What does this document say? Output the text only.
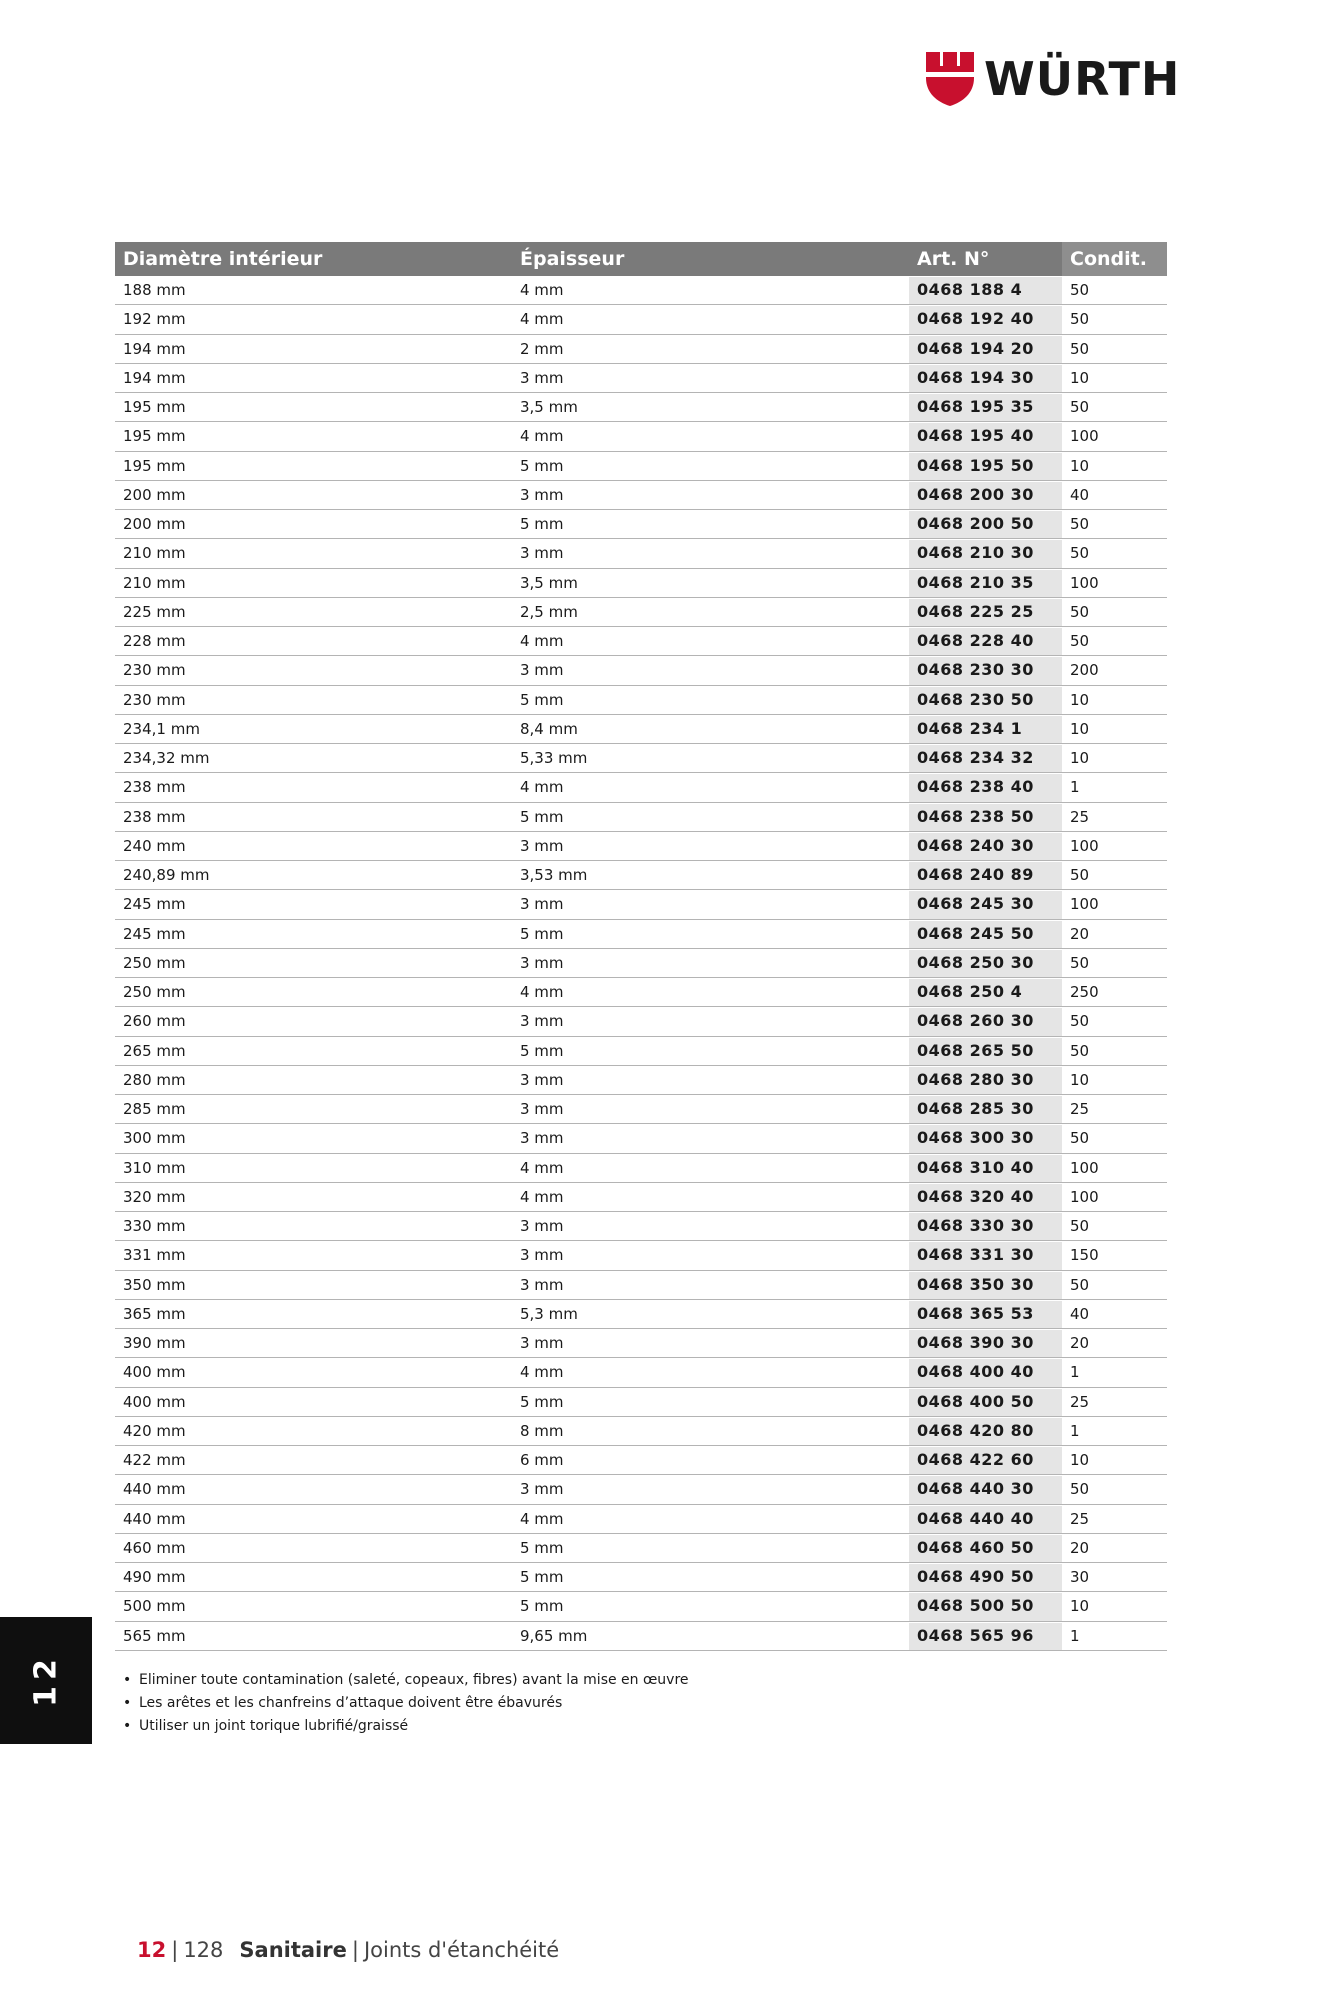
WÜRTH
Diamètre intérieur	Épaisseur	Art. N°	Condit.
188 mm	4 mm	0468 188 4	50
192 mm	4 mm	0468 192 40	50
194 mm	2 mm	0468 194 20	50
194 mm	3 mm	0468 194 30	10
195 mm	3,5 mm	0468 195 35	50
195 mm	4 mm	0468 195 40	100
195 mm	5 mm	0468 195 50	10
200 mm	3 mm	0468 200 30	40
200 mm	5 mm	0468 200 50	50
210 mm	3 mm	0468 210 30	50
210 mm	3,5 mm	0468 210 35	100
225 mm	2,5 mm	0468 225 25	50
228 mm	4 mm	0468 228 40	50
230 mm	3 mm	0468 230 30	200
230 mm	5 mm	0468 230 50	10
234,1 mm	8,4 mm	0468 234 1	10
234,32 mm	5,33 mm	0468 234 32	10
238 mm	4 mm	0468 238 40	1
238 mm	5 mm	0468 238 50	25
240 mm	3 mm	0468 240 30	100
240,89 mm	3,53 mm	0468 240 89	50
245 mm	3 mm	0468 245 30	100
245 mm	5 mm	0468 245 50	20
250 mm	3 mm	0468 250 30	50
250 mm	4 mm	0468 250 4	250
260 mm	3 mm	0468 260 30	50
265 mm	5 mm	0468 265 50	50
280 mm	3 mm	0468 280 30	10
285 mm	3 mm	0468 285 30	25
300 mm	3 mm	0468 300 30	50
310 mm	4 mm	0468 310 40	100
320 mm	4 mm	0468 320 40	100
330 mm	3 mm	0468 330 30	50
331 mm	3 mm	0468 331 30	150
350 mm	3 mm	0468 350 30	50
365 mm	5,3 mm	0468 365 53	40
390 mm	3 mm	0468 390 30	20
400 mm	4 mm	0468 400 40	1
400 mm	5 mm	0468 400 50	25
420 mm	8 mm	0468 420 80	1
422 mm	6 mm	0468 422 60	10
440 mm	3 mm	0468 440 30	50
440 mm	4 mm	0468 440 40	25
460 mm	5 mm	0468 460 50	20
490 mm	5 mm	0468 490 50	30
500 mm	5 mm	0468 500 50	10
565 mm	9,65 mm	0468 565 96	1
• Eliminer toute contamination (saleté, copeaux, fibres) avant la mise en œuvre
• Les arêtes et les chanfreins d’attaque doivent être ébavurés
• Utiliser un joint torique lubrifié/graissé
12
12 | 128 Sanitaire | Joints d'étanchéité
